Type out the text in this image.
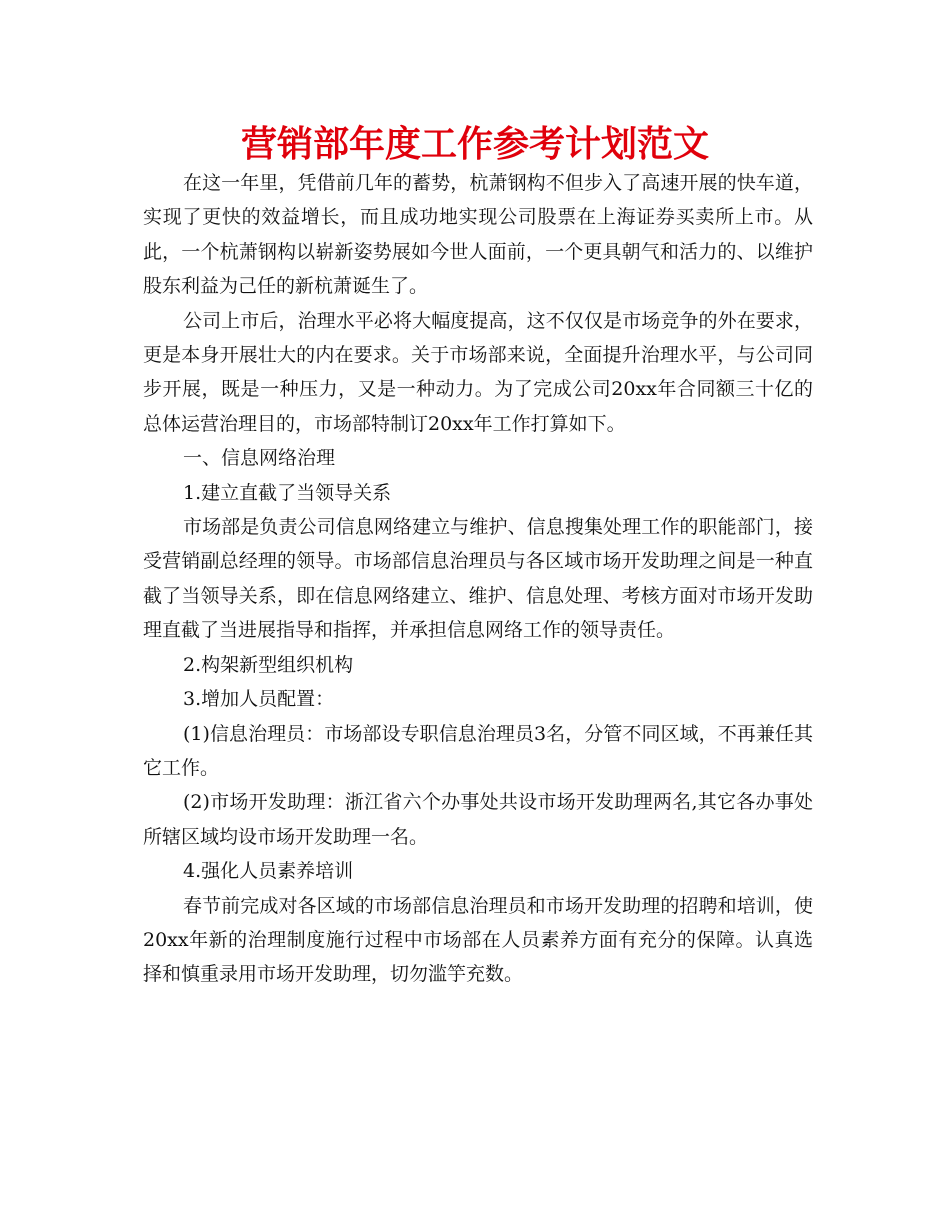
营销部年度工作参考计划范文

在这一年里，凭借前几年的蓄势，杭萧钢构不但步入了高速开展的快车道，实现了更快的效益增长，而且成功地实现公司股票在上海证券买卖所上市。从此，一个杭萧钢构以崭新姿势展如今世人面前，一个更具朝气和活力的、以维护股东利益为己任的新杭萧诞生了。

公司上市后，治理水平必将大幅度提高，这不仅仅是市场竞争的外在要求，更是本身开展壮大的内在要求。关于市场部来说，全面提升治理水平，与公司同步开展，既是一种压力，又是一种动力。为了完成公司20xx年合同额三十亿的总体运营治理目的，市场部特制订20xx年工作打算如下。

一、信息网络治理

1.建立直截了当领导关系

市场部是负责公司信息网络建立与维护、信息搜集处理工作的职能部门，接受营销副总经理的领导。市场部信息治理员与各区域市场开发助理之间是一种直截了当领导关系，即在信息网络建立、维护、信息处理、考核方面对市场开发助理直截了当进展指导和指挥，并承担信息网络工作的领导责任。

2.构架新型组织机构

3.增加人员配置：

(1)信息治理员：市场部设专职信息治理员3名，分管不同区域，不再兼任其它工作。

(2)市场开发助理：浙江省六个办事处共设市场开发助理两名,其它各办事处所辖区域均设市场开发助理一名。

4.强化人员素养培训

春节前完成对各区域的市场部信息治理员和市场开发助理的招聘和培训，使20xx年新的治理制度施行过程中市场部在人员素养方面有充分的保障。认真选择和慎重录用市场开发助理，切勿滥竽充数。
